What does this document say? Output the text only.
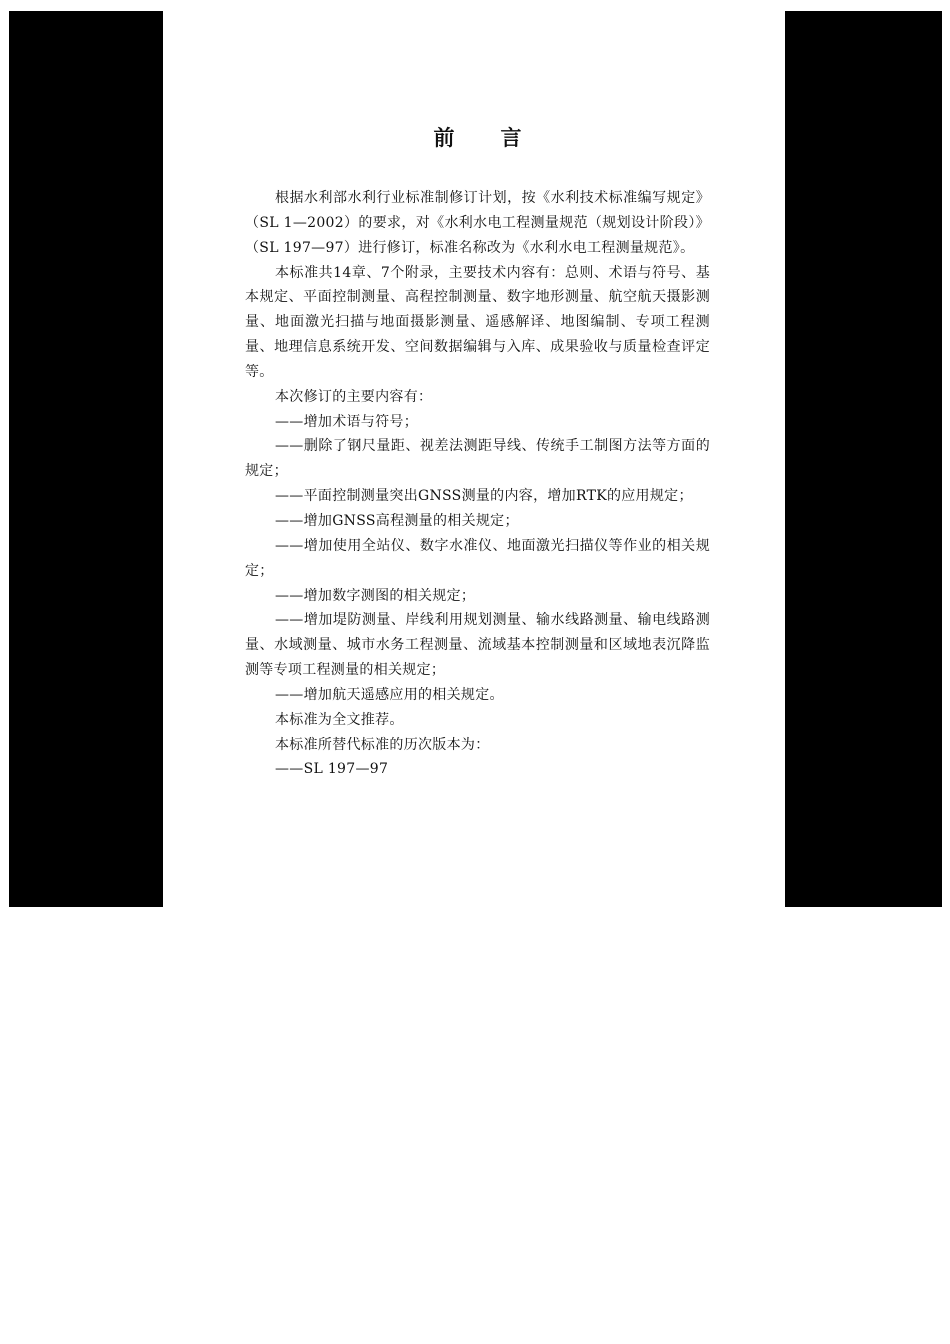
前 言

根据水利部水利行业标准制修订计划，按《水利技术标准编写规定》（SL 1—2002）的要求，对《水利水电工程测量规范（规划设计阶段）》（SL 197—97）进行修订，标准名称改为《水利水电工程测量规范》。

本标准共14章、7个附录，主要技术内容有：总则、术语与符号、基本规定、平面控制测量、高程控制测量、数字地形测量、航空航天摄影测量、地面激光扫描与地面摄影测量、遥感解译、地图编制、专项工程测量、地理信息系统开发、空间数据编辑与入库、成果验收与质量检查评定等。

本次修订的主要内容有：

——增加术语与符号；

——删除了钢尺量距、视差法测距导线、传统手工制图方法等方面的规定；

——平面控制测量突出GNSS测量的内容，增加RTK的应用规定；

——增加GNSS高程测量的相关规定；

——增加使用全站仪、数字水准仪、地面激光扫描仪等作业的相关规定；

——增加数字测图的相关规定；

——增加堤防测量、岸线利用规划测量、输水线路测量、输电线路测量、水域测量、城市水务工程测量、流域基本控制测量和区域地表沉降监测等专项工程测量的相关规定；

——增加航天遥感应用的相关规定。

本标准为全文推荐。

本标准所替代标准的历次版本为：

——SL 197—97
